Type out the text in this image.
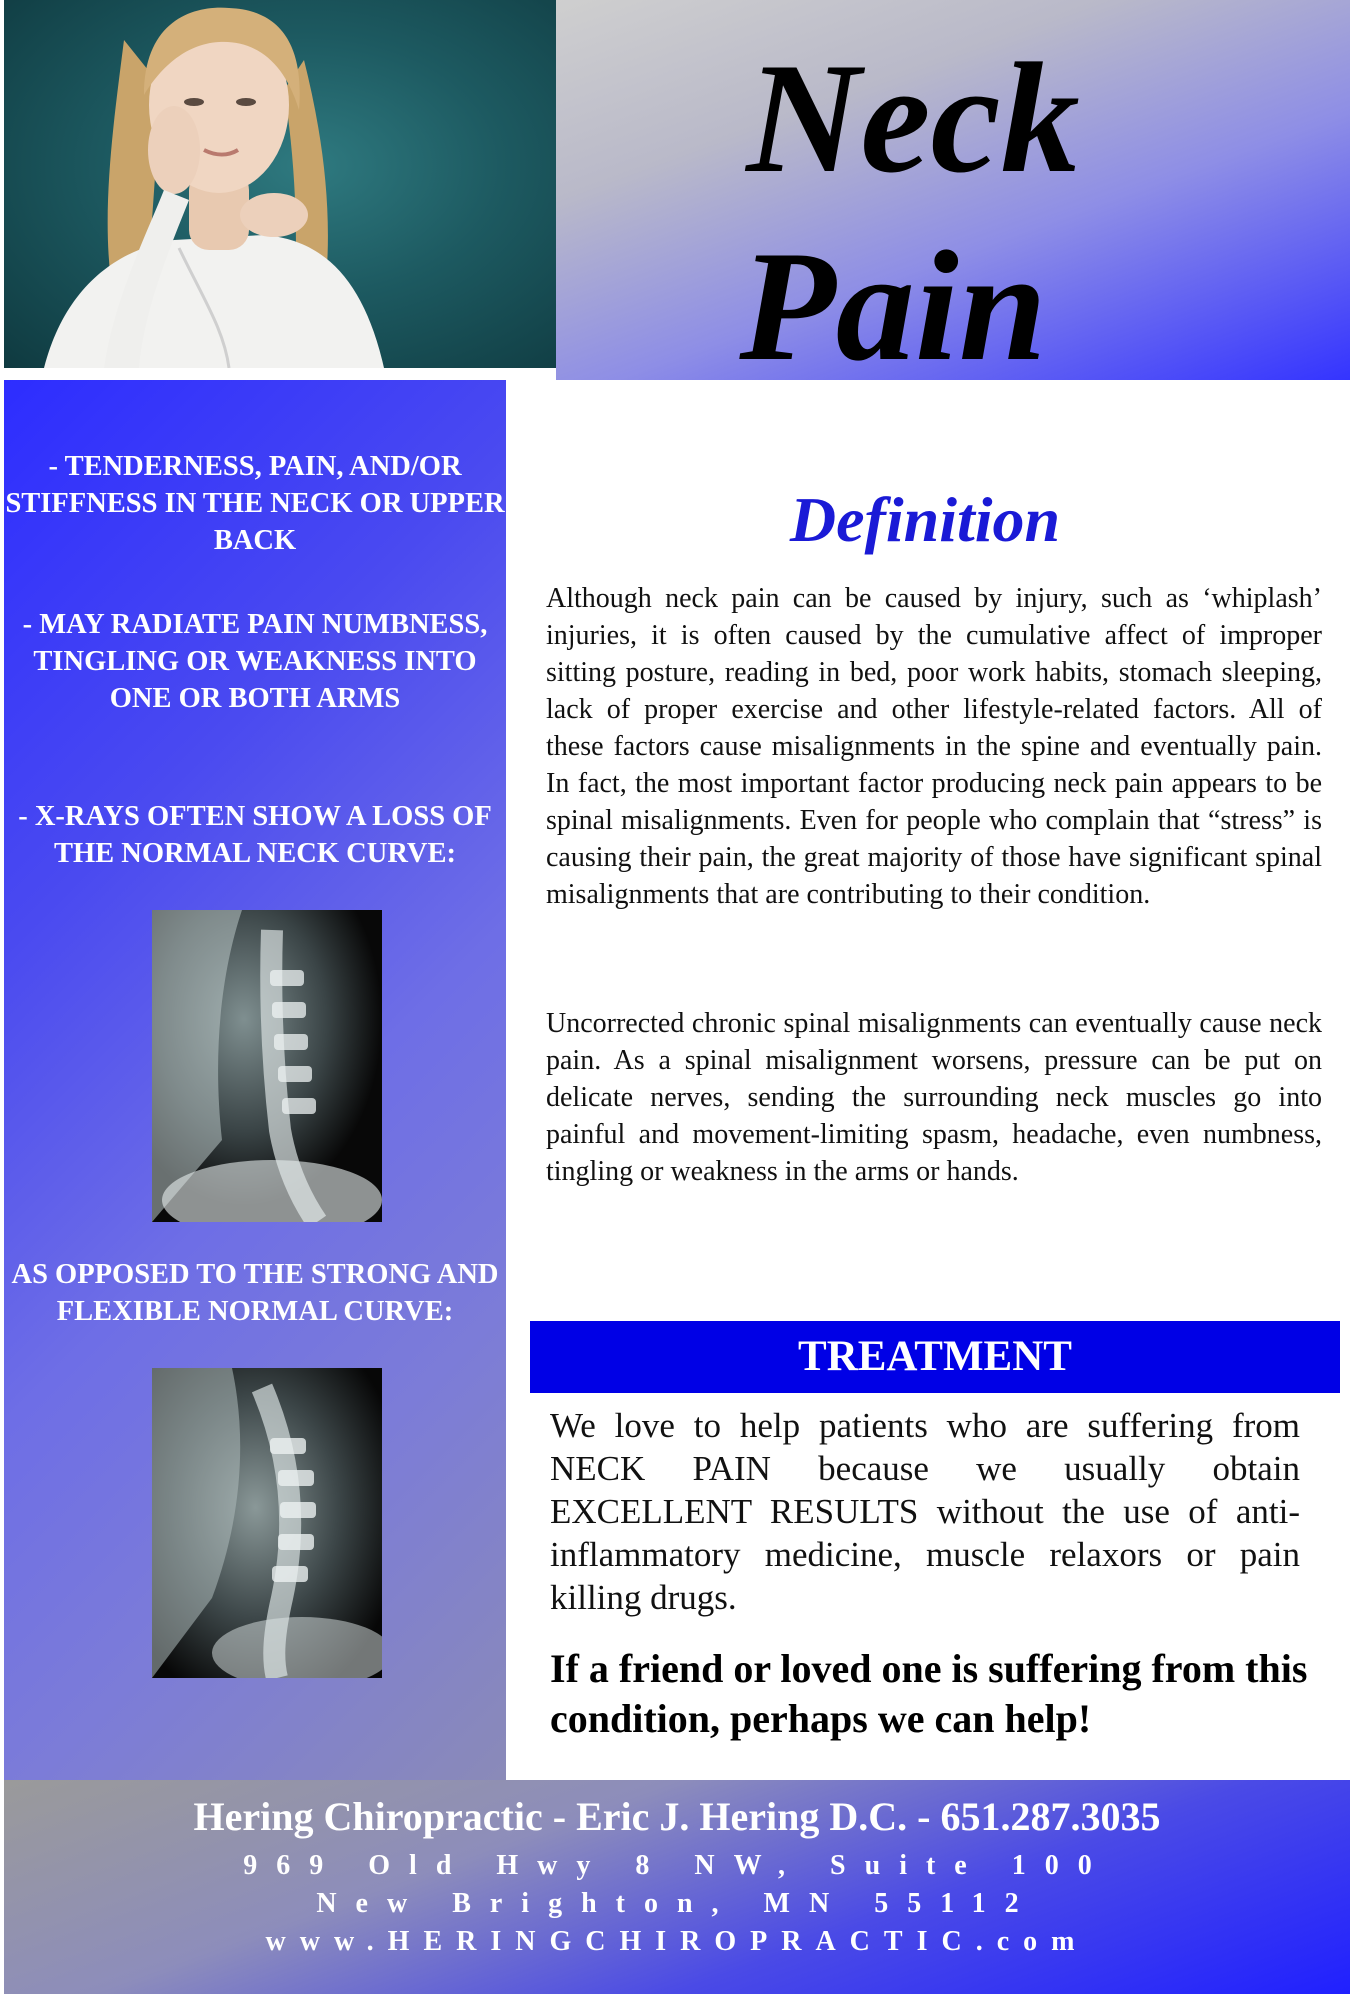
Neck
Pain
- TENDERNESS, PAIN, AND/OR STIFFNESS IN THE NECK OR UPPER BACK
- MAY RADIATE PAIN NUMBNESS, TINGLING OR WEAKNESS INTO ONE OR BOTH ARMS
- X-RAYS OFTEN SHOW A LOSS OF THE NORMAL NECK CURVE:
AS OPPOSED TO THE STRONG AND FLEXIBLE NORMAL CURVE:
Definition

Although neck pain can be caused by injury, such as ‘whiplash’ injuries, it is often caused by the cumulative affect of improper sitting posture, reading in bed, poor work habits, stomach sleeping, lack of proper exercise and other lifestyle-related factors. All of these factors cause misalignments in the spine and eventually pain. In fact, the most important factor producing neck pain appears to be spinal misalignments. Even for people who complain that “stress” is causing their pain, the great majority of those have significant spinal misalignments that are contributing to their condition.

Uncorrected chronic spinal misalignments can eventually cause neck pain. As a spinal misalignment worsens, pressure can be put on delicate nerves, sending the surrounding neck muscles go into painful and movement-limiting spasm, headache, even numbness, tingling or weakness in the arms or hands.

TREATMENT

We love to help patients who are suffering from NECK PAIN because we usually obtain EXCELLENT RESULTS without the use of anti-inflammatory medicine, muscle relaxors or pain killing drugs.

If a friend or loved one is suffering from this condition, perhaps we can help!

Hering Chiropractic - Eric J. Hering D.C. - 651.287.3035
969 Old Hwy 8 NW, Suite 100
New Brighton, MN 55112
www.HERINGCHIROPRACTIC.com
